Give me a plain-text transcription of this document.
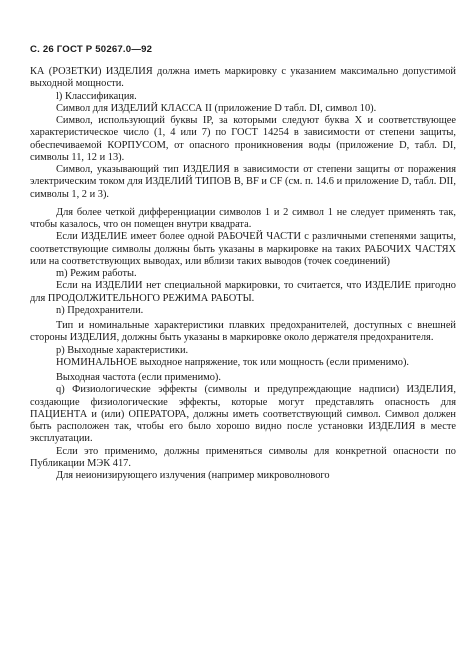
С. 26 ГОСТ Р 50267.0—92

КА (РОЗЕТКИ) ИЗДЕЛИЯ должна иметь маркировку с указанием максимально допустимой выходной мощности.

l) Классификация.

Символ для ИЗДЕЛИЙ КЛАССА II (приложение D табл. DI, символ 10).

Символ, использующий буквы IP, за которыми следуют буква X и соответствующее характеристическое число (1, 4 или 7) по ГОСТ 14254 в зависимости от степени защиты, обеспечиваемой КОРПУСОМ, от опасного проникновения воды (приложение D, табл. DI, символы 11, 12 и 13).

Символ, указывающий тип ИЗДЕЛИЯ в зависимости от степени защиты от поражения электрическим током для ИЗДЕЛИЙ ТИПОВ В, BF и CF (см. п. 14.6 и приложение D, табл. DII, символы 1, 2 и 3).

Для более четкой дифференциации символов 1 и 2 символ 1 не следует применять так, чтобы казалось, что он помещен внутри квадрата.

Если ИЗДЕЛИЕ имеет более одной РАБОЧЕЙ ЧАСТИ с различными степенями защиты, соответствующие символы должны быть указаны в маркировке на таких РАБОЧИХ ЧАСТЯХ или на соответствующих выводах, или вблизи таких выводов (точек соединений)

m) Режим работы.

Если на ИЗДЕЛИИ нет специальной маркировки, то считается, что ИЗДЕЛИЕ пригодно для ПРОДОЛЖИТЕЛЬНОГО РЕЖИМА РАБОТЫ.

n) Предохранители.

Тип и номинальные характеристики плавких предохранителей, доступных с внешней стороны ИЗДЕЛИЯ, должны быть указаны в маркировке около держателя предохранителя.

p) Выходные характеристики.

НОМИНАЛЬНОЕ выходное напряжение, ток или мощность (если применимо).

Выходная частота (если применимо).

q) Физиологические эффекты (символы и предупреждающие надписи) ИЗДЕЛИЯ, создающие физиологические эффекты, которые могут представлять опасность для ПАЦИЕНТА и (или) ОПЕРАТОРА, должны иметь соответствующий символ. Символ должен быть расположен так, чтобы его было хорошо видно после установки ИЗДЕЛИЯ в месте эксплуатации.

Если это применимо, должны применяться символы для конкретной опасности по Публикации МЭК 417.

Для неионизирующего излучения (например микроволнового
